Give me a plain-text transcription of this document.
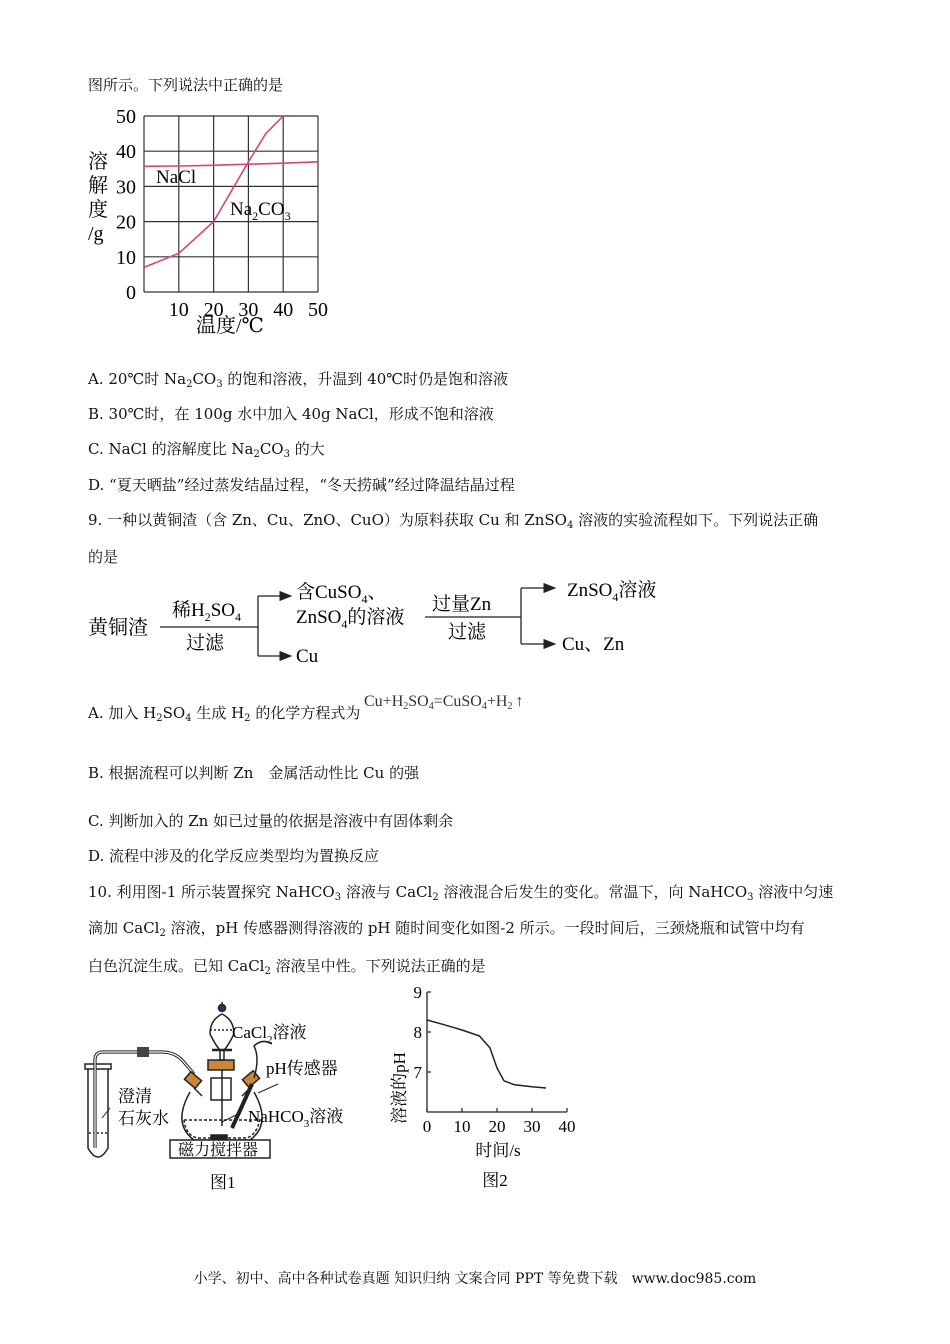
图所示。下列说法中正确的是
0
10
20
30
40
50
10 20 30 40 50
溶
解
度
/g
温度/℃
NaCl
$Na_2CO_3$
A. 20℃时 $Na_2CO_3$ 的饱和溶液，升温到 40℃时仍是饱和溶液
B. 30℃时，在 100g 水中加入 40g NaCl，形成不饱和溶液
C. NaCl 的溶解度比 $Na_2CO_3$ 的大
D. “夏天晒盐”经过蒸发结晶过程，“冬天捞碱”经过降温结晶过程
9. 一种以黄铜渣（含 Zn、Cu、ZnO、CuO）为原料获取 Cu 和 ZnSO$_4$ 溶液的实验流程如下。下列说法正确
的是
黄铜渣
稀$H_2SO_4$
过滤
含CuSO$_4$、
ZnSO$_4$的溶液
Cu
过量Zn
过滤
ZnSO$_4$溶液
Cu、Zn
A. 加入 $H_2SO_4$ 生成 $H_2$ 的化学方程式为
$Cu+H_2SO_4=CuSO_4+H_2$ ↑
B. 根据流程可以判断 Zn　金属活动性比 Cu 的强
C. 判断加入的 Zn 如已过量的依据是溶液中有固体剩余
D. 流程中涉及的化学反应类型均为置换反应
10. 利用图-1 所示装置探究 NaHCO$_3$ 溶液与 CaCl$_2$ 溶液混合后发生的变化。常温下，向 NaHCO$_3$ 溶液中匀速
滴加 CaCl$_2$ 溶液，pH 传感器测得溶液的 pH 随时间变化如图-2 所示。一段时间后，三颈烧瓶和试管中均有
白色沉淀生成。已知 CaCl$_2$ 溶液呈中性。下列说法正确的是
CaCl$_2$溶液
pH传感器
NaHCO$_3$溶液
澄清
石灰水
磁力搅拌器
图1
7
8
9
0 10 20 30 40
溶液的pH
时间/s
图2
小学、初中、高中各种试卷真题 知识归纳 文案合同 PPT 等免费下载　www.doc985.com
